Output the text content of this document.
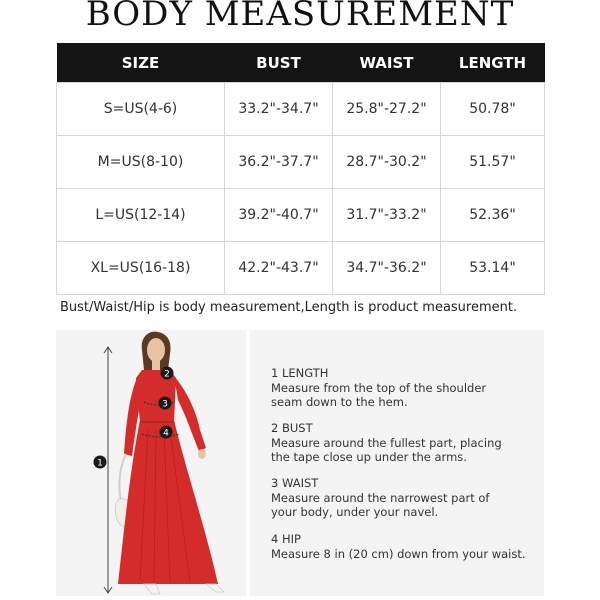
BODY MEASUREMENT
SIZE	BUST	WAIST	LENGTH
S=US(4-6)	33.2"-34.7"	25.8"-27.2"	50.78"
M=US(8-10)	36.2"-37.7"	28.7"-30.2"	51.57"
L=US(12-14)	39.2"-40.7"	31.7"-33.2"	52.36"
XL=US(16-18)	42.2"-43.7"	34.7"-36.2"	53.14"
Bust/Waist/Hip is body measurement,Length is product measurement.
1
2
3
4
1 LENGTH
Measure from the top of the shoulder
seam down to the hem.
2 BUST
Measure around the fullest part, placing
the tape close up under the arms.
3 WAIST
Measure around the narrowest part of
your body, under your navel.
4 HIP
Measure 8 in (20 cm) down from your waist.
